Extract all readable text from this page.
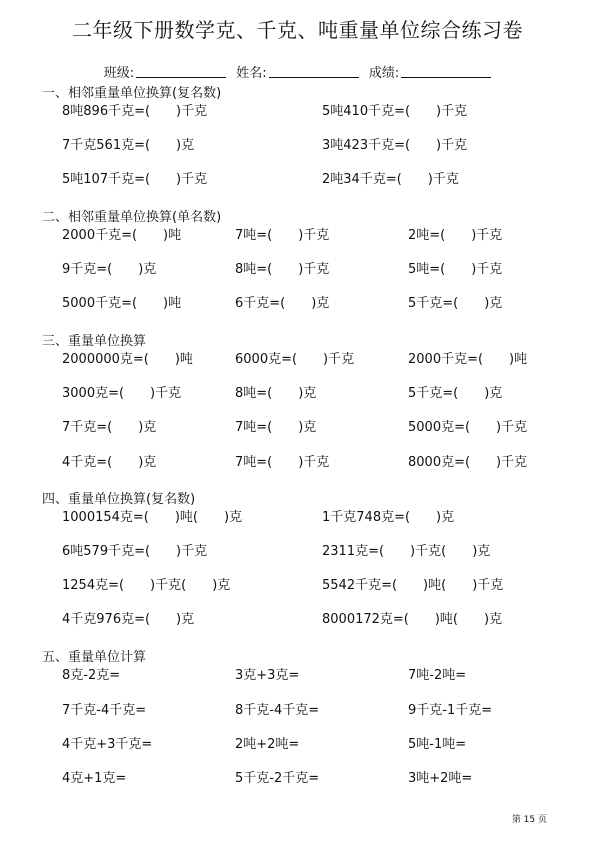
二年级下册数学克、千克、吨重量单位综合练习卷
班级:	姓名:	成绩:
一、相邻重量单位换算(复名数)
8吨896千克=(　　)千克	5吨410千克=(　　)千克
7千克561克=(　　)克	3吨423千克=(　　)千克
5吨107千克=(　　)千克	2吨34千克=(　　)千克
二、相邻重量单位换算(单名数)
2000千克=(　　)吨	7吨=(　　)千克	2吨=(　　)千克
9千克=(　　)克	8吨=(　　)千克	5吨=(　　)千克
5000千克=(　　)吨	6千克=(　　)克	5千克=(　　)克
三、重量单位换算
2000000克=(　　)吨	6000克=(　　)千克	2000千克=(　　)吨
3000克=(　　)千克	8吨=(　　)克	5千克=(　　)克
7千克=(　　)克	7吨=(　　)克	5000克=(　　)千克
4千克=(　　)克	7吨=(　　)千克	8000克=(　　)千克
四、重量单位换算(复名数)
1000154克=(　　)吨(　　)克	1千克748克=(　　)克
6吨579千克=(　　)千克	2311克=(　　)千克(　　)克
1254克=(　　)千克(　　)克	5542千克=(　　)吨(　　)千克
4千克976克=(　　)克	8000172克=(　　)吨(　　)克
五、重量单位计算
8克-2克=	3克+3克=	7吨-2吨=
7千克-4千克=	8千克-4千克=	9千克-1千克=
4千克+3千克=	2吨+2吨=	5吨-1吨=
4克+1克=	5千克-2千克=	3吨+2吨=
第 15 页
